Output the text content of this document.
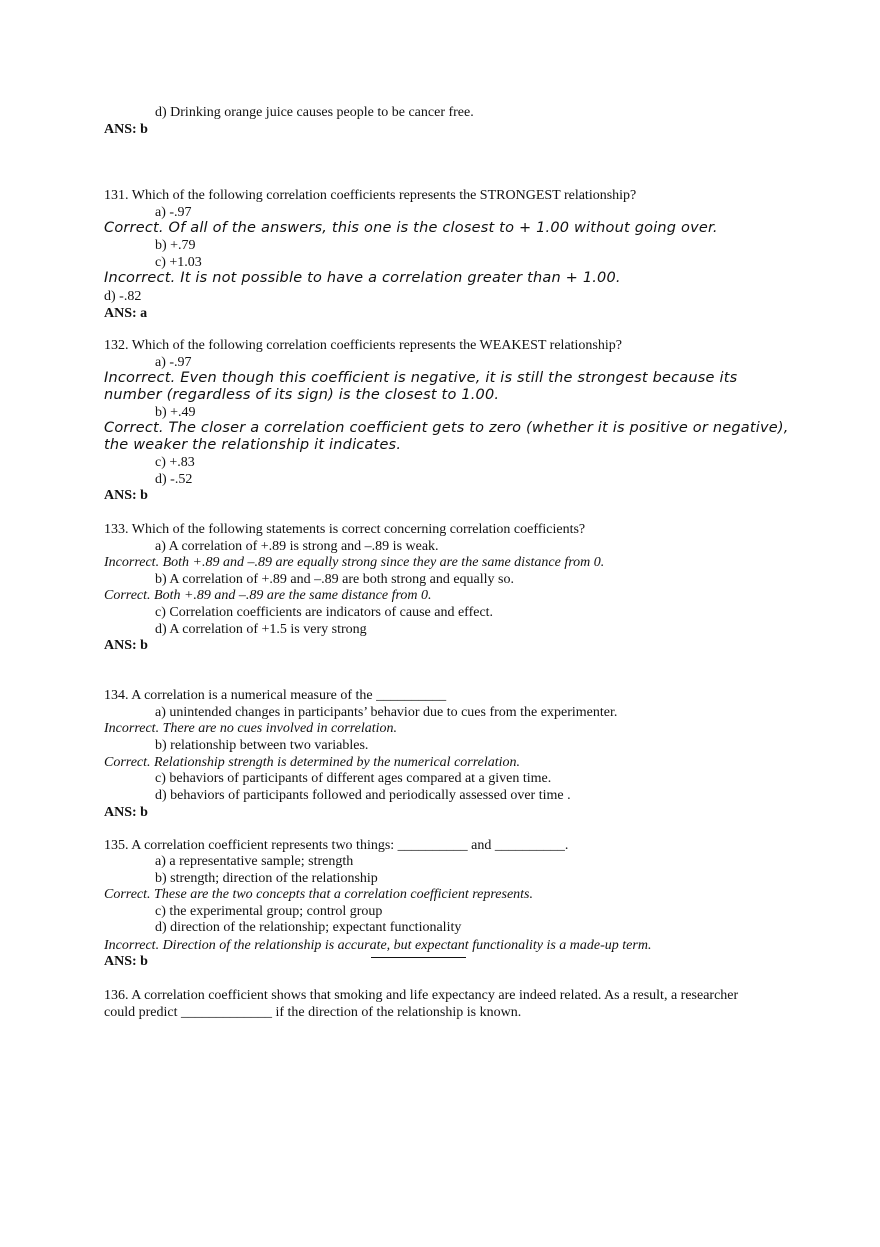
d) Drinking orange juice causes people to be cancer free.
ANS: b
131. Which of the following correlation coefficients represents the STRONGEST relationship?
a) -.97
Correct. Of all of the answers, this one is the closest to + 1.00 without going over.
b) +.79
c) +1.03
Incorrect. It is not possible to have a correlation greater than + 1.00.
d) -.82
ANS: a
132. Which of the following correlation coefficients represents the WEAKEST relationship?
a) -.97
Incorrect. Even though this coefficient is negative, it is still the strongest because its
number (regardless of its sign) is the closest to 1.00.
b) +.49
Correct. The closer a correlation coefficient gets to zero (whether it is positive or negative),
the weaker the relationship it indicates.
c) +.83
d) -.52
ANS: b
133. Which of the following statements is correct concerning correlation coefficients?
a) A correlation of +.89 is strong and –.89 is weak.
Incorrect. Both +.89 and –.89 are equally strong since they are the same distance from 0.
b) A correlation of +.89 and –.89 are both strong and equally so.
Correct. Both +.89 and –.89 are the same distance from 0.
c) Correlation coefficients are indicators of cause and effect.
d) A correlation of +1.5 is very strong
ANS: b
134. A correlation is a numerical measure of the __________
a) unintended changes in participants’ behavior due to cues from the experimenter.
Incorrect. There are no cues involved in correlation.
b) relationship between two variables.
Correct. Relationship strength is determined by the numerical correlation.
c) behaviors of participants of different ages compared at a given time.
d) behaviors of participants followed and periodically assessed over time .
ANS: b
135. A correlation coefficient represents two things: __________ and __________.
a) a representative sample; strength
b) strength; direction of the relationship
Correct. These are the two concepts that a correlation coefficient represents.
c) the experimental group; control group
d) direction of the relationship; expectant functionality
Incorrect. Direction of the relationship is accurate, but expectant functionality is a made-up term.
ANS: b
136. A correlation coefficient shows that smoking and life expectancy are indeed related. As a result, a researcher
could predict _____________ if the direction of the relationship is known.
